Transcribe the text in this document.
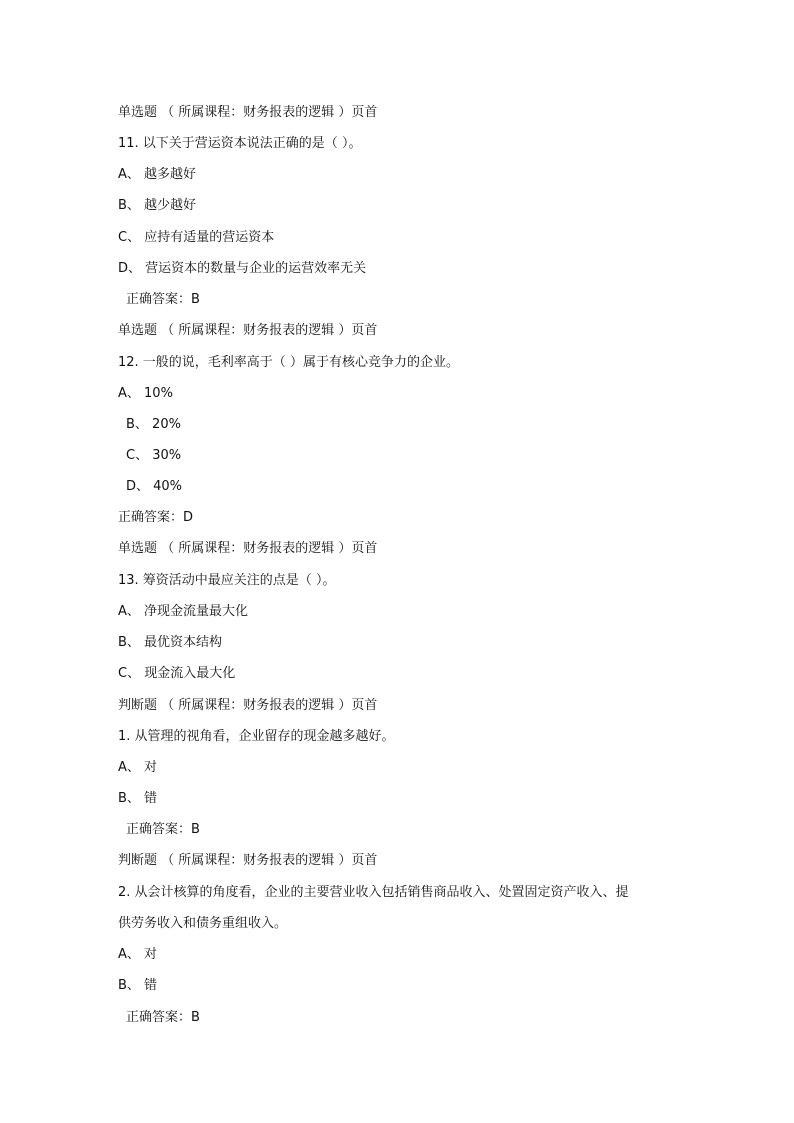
单选题 （ 所属课程：财务报表的逻辑 ）页首
11. 以下关于营运资本说法正确的是（ ）。
A、 越多越好
B、 越少越好
C、 应持有适量的营运资本
D、 营运资本的数量与企业的运营效率无关
正确答案：B
单选题 （ 所属课程：财务报表的逻辑 ）页首
12. 一般的说，毛利率高于（ ）属于有核心竞争力的企业。
A、 10%
B、 20%
C、 30%
D、 40%
正确答案：D
单选题 （ 所属课程：财务报表的逻辑 ）页首
13. 筹资活动中最应关注的点是（ ）。
A、 净现金流量最大化
B、 最优资本结构
C、 现金流入最大化
判断题 （ 所属课程：财务报表的逻辑 ）页首
1. 从管理的视角看，企业留存的现金越多越好。
A、 对
B、 错
正确答案：B
判断题 （ 所属课程：财务报表的逻辑 ）页首
2. 从会计核算的角度看，企业的主要营业收入包括销售商品收入、处置固定资产收入、提
供劳务收入和债务重组收入。
A、 对
B、 错
正确答案：B
